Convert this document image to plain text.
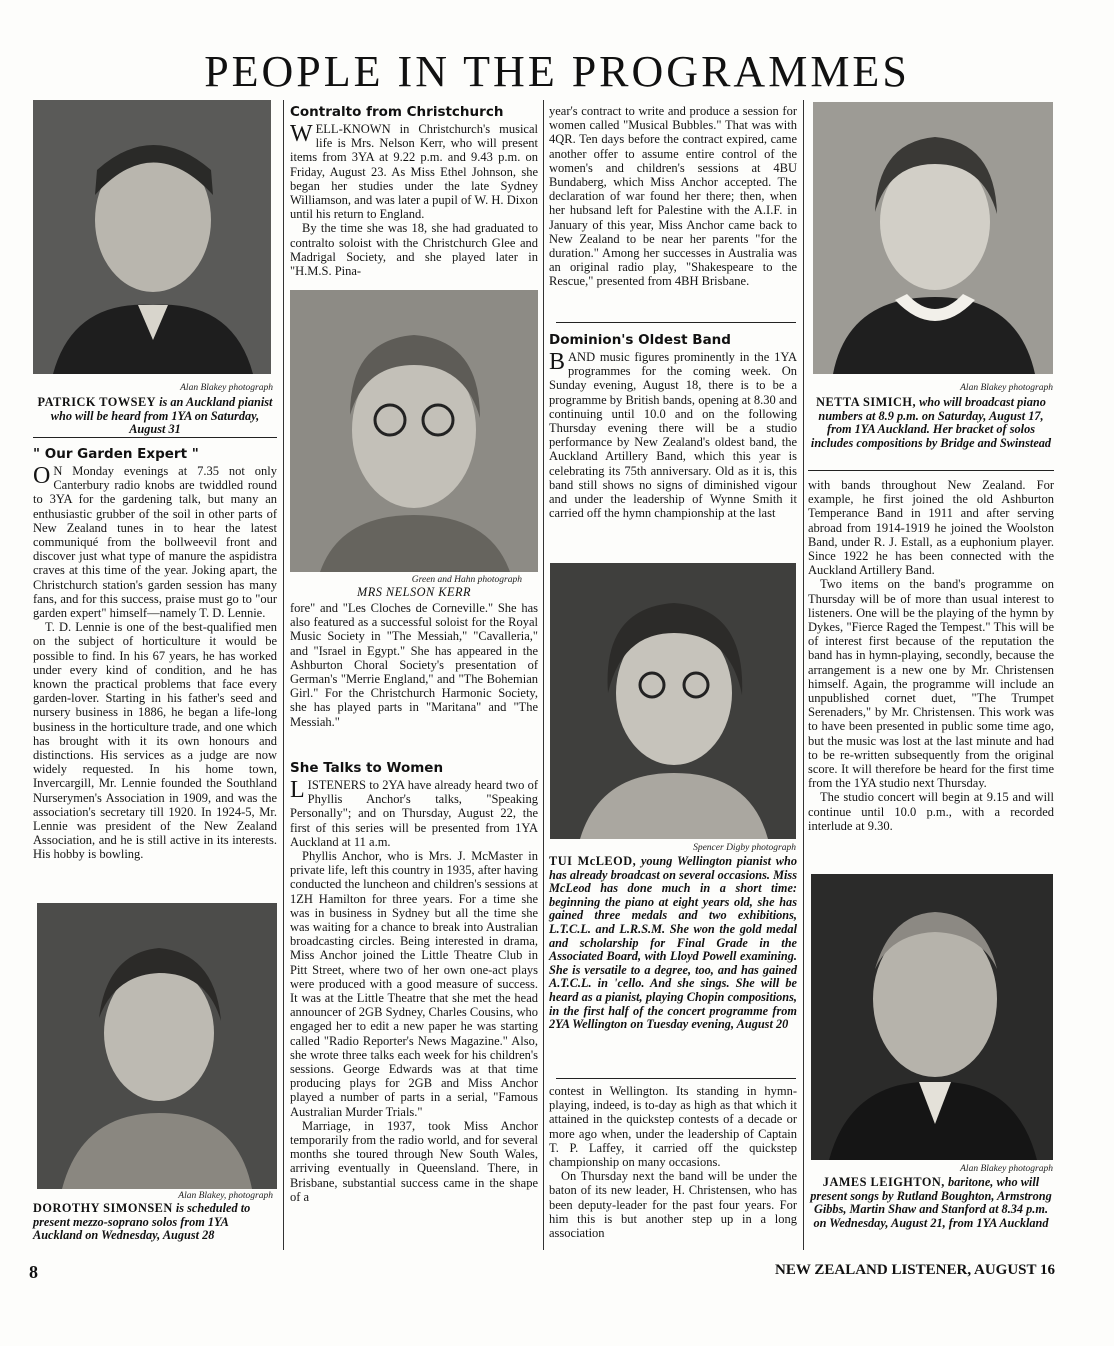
PEOPLE IN THE PROGRAMMES
Alan Blakey photograph
PATRICK TOWSEY is an Auckland pianist who will be heard from 1YA on Saturday, August 31
" Our Garden Expert "

O N Monday evenings at 7.35 not only Canterbury radio knobs are twiddled round to 3YA for the gardening talk, but many an enthusiastic grubber of the soil in other parts of New Zealand tunes in to hear the latest communiqué from the bollweevil front and discover just what type of manure the aspidistra craves at this time of the year. Joking apart, the Christchurch station's garden session has many fans, and for this success, praise must go to "our garden expert" himself—namely T. D. Lennie.

T. D. Lennie is one of the best-qualified men on the subject of horticulture it would be possible to find. In his 67 years, he has worked under every kind of condition, and he has known the practical problems that face every garden-lover. Starting in his father's seed and nursery business in 1886, he began a life-long business in the horticulture trade, and one which has brought with it its own honours and distinctions. His services as a judge are now widely requested. In his home town, Invercargill, Mr. Lennie founded the Southland Nurserymen's Association in 1909, and was the association's secretary till 1920. In 1924-5, Mr. Lennie was president of the New Zealand Association, and he is still active in its interests. His hobby is bowling.

Alan Blakey, photograph
DOROTHY SIMONSEN is scheduled to present mezzo-soprano solos from 1YA Auckland on Wednesday, August 28
Contralto from Christchurch

WELL-KNOWN in Christchurch's musical life is Mrs. Nelson Kerr, who will present items from 3YA at 9.22 p.m. and 9.43 p.m. on Friday, August 23. As Miss Ethel Johnson, she began her studies under the late Sydney Williamson, and was later a pupil of W. H. Dixon until his return to England.

By the time she was 18, she had graduated to contralto soloist with the Christchurch Glee and Madrigal Society, and she played later in "H.M.S. Pina-

Green and Hahn photograph
MRS NELSON KERR

fore" and "Les Cloches de Corneville." She has also featured as a successful soloist for the Royal Music Society in "The Messiah," "Cavalleria," and "Israel in Egypt." She has appeared in the Ashburton Choral Society's presentation of German's "Merrie England," and "The Bohemian Girl." For the Christchurch Harmonic Society, she has played parts in "Maritana" and "The Messiah."

She Talks to Women

LISTENERS to 2YA have already heard two of Phyllis Anchor's talks, "Speaking Personally"; and on Thursday, August 22, the first of this series will be presented from 1YA Auckland at 11 a.m.

Phyllis Anchor, who is Mrs. J. McMaster in private life, left this country in 1935, after having conducted the luncheon and children's sessions at 1ZH Hamilton for three years. For a time she was in business in Sydney but all the time she was waiting for a chance to break into Australian broadcasting circles. Being interested in drama, Miss Anchor joined the Little Theatre Club in Pitt Street, where two of her own one-act plays were produced with a good measure of success. It was at the Little Theatre that she met the head announcer of 2GB Sydney, Charles Cousins, who engaged her to edit a new paper he was starting called "Radio Reporter's News Magazine." Also, she wrote three talks each week for his children's sessions. George Edwards was at that time producing plays for 2GB and Miss Anchor played a number of parts in a serial, "Famous Australian Murder Trials."

Marriage, in 1937, took Miss Anchor temporarily from the radio world, and for several months she toured through New South Wales, arriving eventually in Queensland. There, in Brisbane, substantial success came in the shape of a

year's contract to write and produce a session for women called "Musical Bubbles." That was with 4QR. Ten days before the contract expired, came another offer to assume entire control of the women's and children's sessions at 4BU Bundaberg, which Miss Anchor accepted. The declaration of war found her there; then, when her hubsand left for Palestine with the A.I.F. in January of this year, Miss Anchor came back to New Zealand to be near her parents "for the duration." Among her successes in Australia was an original radio play, "Shakespeare to the Rescue," presented from 4BH Brisbane.

Dominion's Oldest Band

BAND music figures prominently in the 1YA programmes for the coming week. On Sunday evening, August 18, there is to be a programme by British bands, opening at 8.30 and continuing until 10.0 and on the following Thursday evening there will be a studio performance by New Zealand's oldest band, the Auckland Artillery Band, which this year is celebrating its 75th anniversary. Old as it is, this band still shows no signs of diminished vigour and under the leadership of Wynne Smith it carried off the hymn championship at the last

Spencer Digby photograph
TUI McLEOD, young Wellington pianist who has already broadcast on several occasions. Miss McLeod has done much in a short time: beginning the piano at eight years old, she has gained three medals and two exhibitions, L.T.C.L. and L.R.S.M. She won the gold medal and scholarship for Final Grade in the Associated Board, with Lloyd Powell examining. She is versatile to a degree, too, and has gained A.T.C.L. in 'cello. And she sings. She will be heard as a pianist, playing Chopin compositions, in the first half of the concert programme from 2YA Wellington on Tuesday evening, August 20

contest in Wellington. Its standing in hymn-playing, indeed, is to-day as high as that which it attained in the quickstep contests of a decade or more ago when, under the leadership of Captain T. P. Laffey, it carried off the quickstep championship on many occasions.

On Thursday next the band will be under the baton of its new leader, H. Christensen, who has been deputy-leader for the past four years. For him this is but another step up in a long association

Alan Blakey photograph
NETTA SIMICH, who will broadcast piano numbers at 8.9 p.m. on Saturday, August 17, from 1YA Auckland. Her bracket of solos includes compositions by Bridge and Swinstead

with bands throughout New Zealand. For example, he first joined the old Ashburton Temperance Band in 1911 and after serving abroad from 1914-1919 he joined the Woolston Band, under R. J. Estall, as a euphonium player. Since 1922 he has been connected with the Auckland Artillery Band.

Two items on the band's programme on Thursday will be of more than usual interest to listeners. One will be the playing of the hymn by Dykes, "Fierce Raged the Tempest." This will be of interest first because of the reputation the band has in hymn-playing, secondly, because the arrangement is a new one by Mr. Christensen himself. Again, the programme will include an unpublished cornet duet, "The Trumpet Serenaders," by Mr. Christensen. This work was to have been presented in public some time ago, but the music was lost at the last minute and had to be re-written subsequently from the original score. It will therefore be heard for the first time from the 1YA studio next Thursday.

The studio concert will begin at 9.15 and will continue until 10.0 p.m., with a recorded interlude at 9.30.

Alan Blakey photograph
JAMES LEIGHTON, baritone, who will present songs by Rutland Boughton, Armstrong Gibbs, Martin Shaw and Stanford at 8.34 p.m. on Wednesday, August 21, from 1YA Auckland
8	NEW ZEALAND LISTENER, AUGUST 16
